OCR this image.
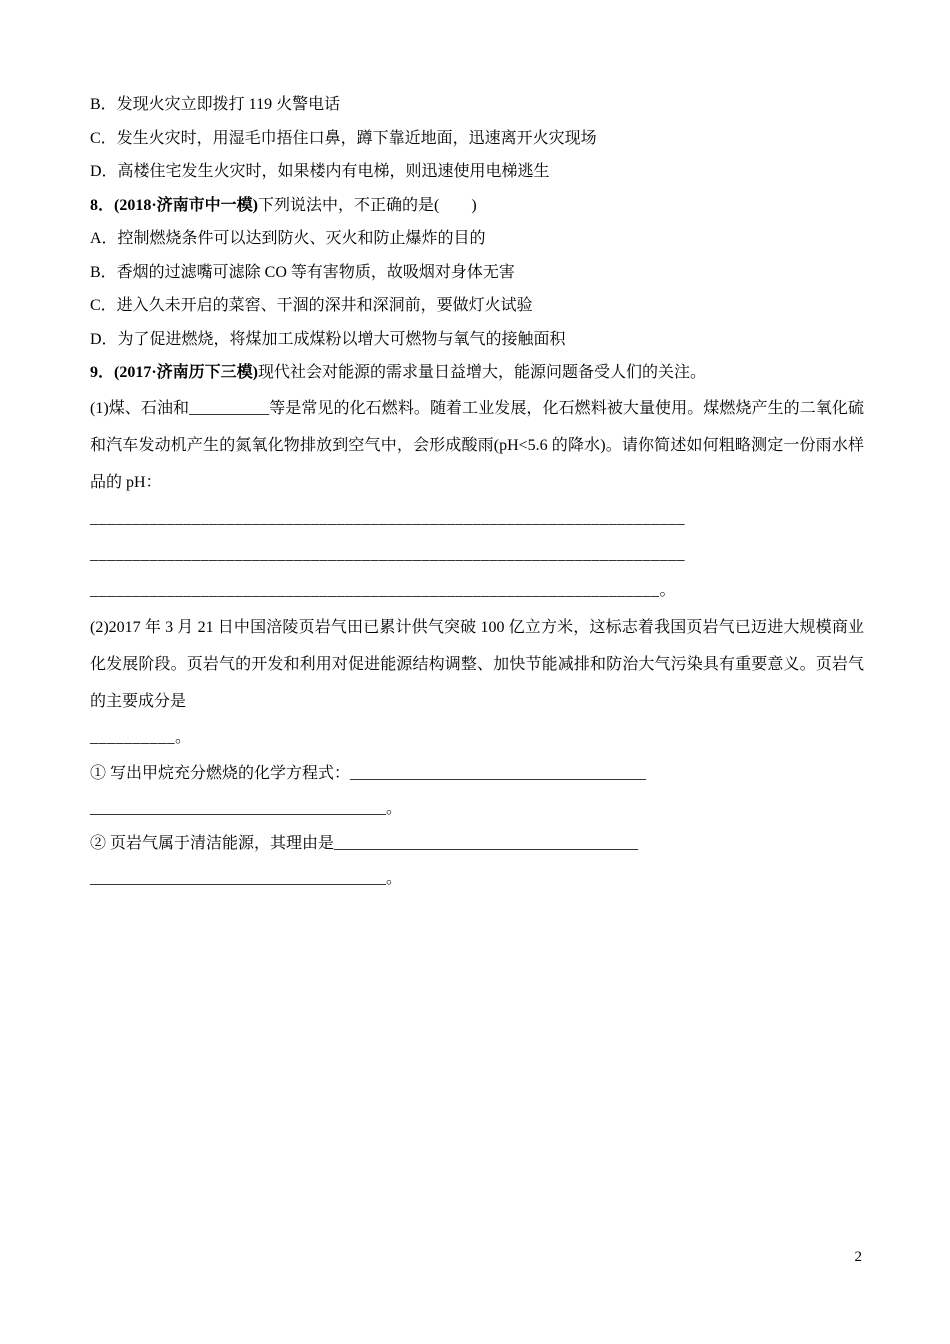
B．发现火灾立即拨打 119 火警电话
C．发生火灾时，用湿毛巾捂住口鼻，蹲下靠近地面，迅速离开火灾现场
D．高楼住宅发生火灾时，如果楼内有电梯，则迅速使用电梯逃生
8．(2018·济南市中一模)下列说法中，不正确的是(　　)
A．控制燃烧条件可以达到防火、灭火和防止爆炸的目的
B．香烟的过滤嘴可滤除 CO 等有害物质，故吸烟对身体无害
C．进入久未开启的菜窖、干涸的深井和深洞前，要做灯火试验
D．为了促进燃烧，将煤加工成煤粉以增大可燃物与氧气的接触面积
9．(2017·济南历下三模)现代社会对能源的需求量日益增大，能源问题备受人们的关注。
(1)煤、石油和__________等是常见的化石燃料。随着工业发展，化石燃料被大量使用。煤燃烧产生的二氧化硫和汽车发动机产生的氮氧化物排放到空气中，会形成酸雨(pH<5.6 的降水)。请你简述如何粗略测定一份雨水样品的 pH：
______________________________________________________________________
______________________________________________________________________
___________________________________________________________________。
(2)2017 年 3 月 21 日中国涪陵页岩气田已累计供气突破 100 亿立方米，这标志着我国页岩气已迈进大规模商业化发展阶段。页岩气的开发和利用对促进能源结构调整、加快节能减排和防治大气污染具有重要意义。页岩气的主要成分是
__________。
① 写出甲烷充分燃烧的化学方程式：_____________________________________
_____________________________________。
② 页岩气属于清洁能源，其理由是______________________________________
_____________________________________。
2
